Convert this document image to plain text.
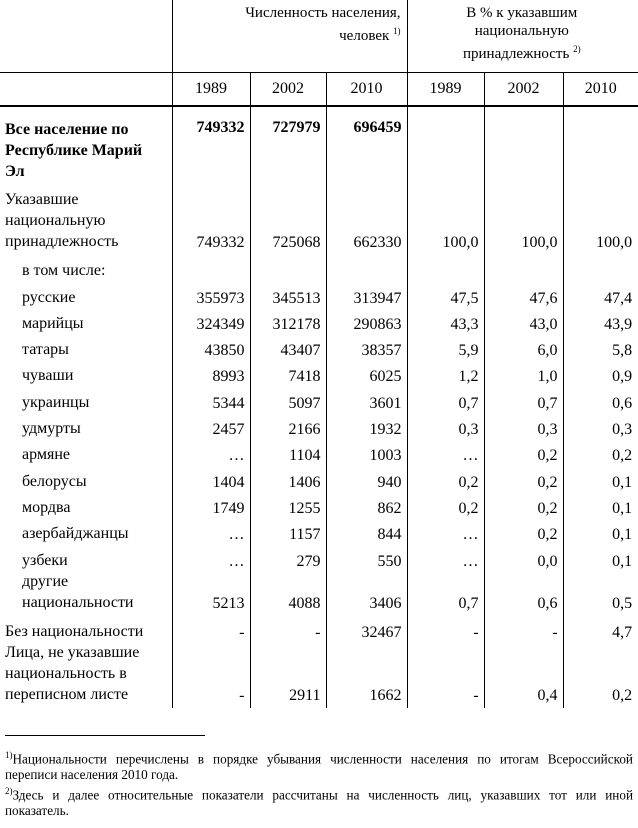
	Численность населения,
человек $^{1)}$			В % к указавшим
национальную
принадлежность $^{2)}$
	1989	2002	2010	1989	2002	2010

Все население по Республике Марий Эл	749332	727979	696459			

Указавшие национальную принадлежность	749332	725068	662330	100,0	100,0	100,0

в том числе:						

русские	355973	345513	313947	47,5	47,6	47,4

марийцы	324349	312178	290863	43,3	43,0	43,9

татары	43850	43407	38357	5,9	6,0	5,8

чуваши	8993	7418	6025	1,2	1,0	0,9

украинцы	5344	5097	3601	0,7	0,7	0,6

удмурты	2457	2166	1932	0,3	0,3	0,3

армяне	…	1104	1003	…	0,2	0,2

белорусы	1404	1406	940	0,2	0,2	0,1

мордва	1749	1255	862	0,2	0,2	0,1

азербайджанцы	…	1157	844	…	0,2	0,1

узбеки	…	279	550	…	0,0	0,1

другие национальности	5213	4088	3406	0,7	0,6	0,5

Без национальности	-	-	32467	-	-	4,7

Лица, не указавшие национальность в переписном листе	-	2911	1662	-	0,4	0,2
$^{1)}$Национальности перечислены в порядке убывания численности населения по итогам Всероссийской переписи населения 2010 года.
$^{2)}$Здесь и далее относительные показатели рассчитаны на численность лиц, указавших тот или иной показатель.
